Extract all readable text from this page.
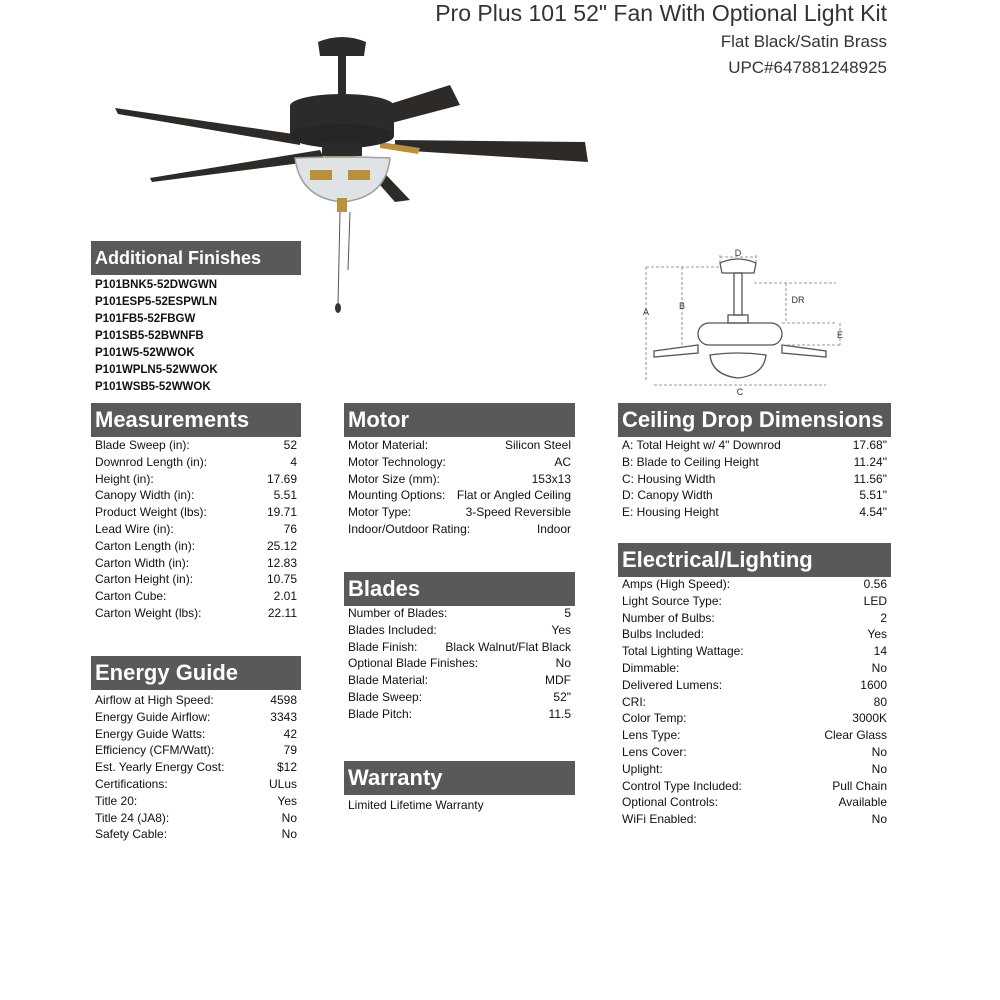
Pro Plus 101 52" Fan With Optional Light Kit
Flat Black/Satin Brass
UPC#647881248925
D
A
B
DR
E
C
Additional Finishes
P101BNK5-52DWGWN
P101ESP5-52ESPWLN
P101FB5-52FBGW
P101SB5-52BWNFB
P101W5-52WWOK
P101WPLN5-52WWOK
P101WSB5-52WWOK
Measurements
Blade Sweep (in):	52
Downrod Length (in):	4
Height (in):	17.69
Canopy Width (in):	5.51
Product Weight (lbs):	19.71
Lead Wire (in):	76
Carton Length (in):	25.12
Carton Width (in):	12.83
Carton Height (in):	10.75
Carton Cube:	2.01
Carton Weight (lbs):	22.11
Energy Guide
Airflow at High Speed:	4598
Energy Guide Airflow:	3343
Energy Guide Watts:	42
Efficiency (CFM/Watt):	79
Est. Yearly Energy Cost:	$12
Certifications:	ULus
Title 20:	Yes
Title 24 (JA8):	No
Safety Cable:	No
Motor
Motor Material:	Silicon Steel
Motor Technology:	AC
Motor Size (mm):	153x13
Mounting Options: Flat or Angled Ceiling
Motor Type:	3-Speed Reversible
Indoor/Outdoor Rating:	Indoor
Blades
Number of Blades:	5
Blades Included:	Yes
Blade Finish: Black Walnut/Flat Black
Optional Blade Finishes:	No
Blade Material:	MDF
Blade Sweep:	52"
Blade Pitch:	11.5
Warranty
Limited Lifetime Warranty
Ceiling Drop Dimensions
A: Total Height w/ 4" Downrod	17.68"
B: Blade to Ceiling Height	11.24"
C: Housing Width	11.56"
D: Canopy Width	5.51"
E: Housing Height	4.54"
Electrical/Lighting
Amps (High Speed):	0.56
Light Source Type:	LED
Number of Bulbs:	2
Bulbs Included:	Yes
Total Lighting Wattage:	14
Dimmable:	No
Delivered Lumens:	1600
CRI:	80
Color Temp:	3000K
Lens Type:	Clear Glass
Lens Cover:	No
Uplight:	No
Control Type Included:	Pull Chain
Optional Controls:	Available
WiFi Enabled:	No
